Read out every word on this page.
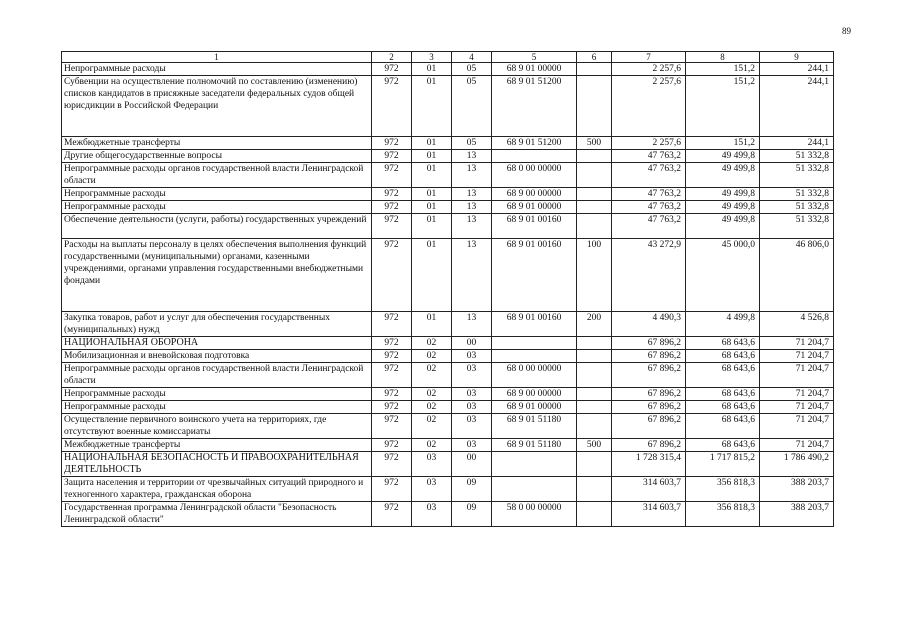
89
1	2	3	4	5	6	7	8	9
Непрограммные расходы	972	01	05	68 9 01 00000		2 257,6	151,2	244,1
Субвенции на осуществление полномочий по составлению (изменению) списков кандидатов в присяжные заседатели федеральных судов общей юрисдикции в Российской Федерации	972	01	05	68 9 01 51200		2 257,6	151,2	244,1
Межбюджетные трансферты	972	01	05	68 9 01 51200	500	2 257,6	151,2	244,1
Другие общегосударственные вопросы	972	01	13			47 763,2	49 499,8	51 332,8
Непрограммные расходы органов государственной власти Ленинградской области	972	01	13	68 0 00 00000		47 763,2	49 499,8	51 332,8
Непрограммные расходы	972	01	13	68 9 00 00000		47 763,2	49 499,8	51 332,8
Непрограммные расходы	972	01	13	68 9 01 00000		47 763,2	49 499,8	51 332,8
Обеспечение деятельности (услуги, работы) государственных учреждений	972	01	13	68 9 01 00160		47 763,2	49 499,8	51 332,8
Расходы на выплаты персоналу в целях обеспечения выполнения функций государственными (муниципальными) органами, казенными учреждениями, органами управления государственными внебюджетными фондами	972	01	13	68 9 01 00160	100	43 272,9	45 000,0	46 806,0
Закупка товаров, работ и услуг для обеспечения государственных (муниципальных) нужд	972	01	13	68 9 01 00160	200	4 490,3	4 499,8	4 526,8
НАЦИОНАЛЬНАЯ ОБОРОНА	972	02	00			67 896,2	68 643,6	71 204,7
Мобилизационная и вневойсковая подготовка	972	02	03			67 896,2	68 643,6	71 204,7
Непрограммные расходы органов государственной власти Ленинградской области	972	02	03	68 0 00 00000		67 896,2	68 643,6	71 204,7
Непрограммные расходы	972	02	03	68 9 00 00000		67 896,2	68 643,6	71 204,7
Непрограммные расходы	972	02	03	68 9 01 00000		67 896,2	68 643,6	71 204,7
Осуществление первичного воинского учета на территориях, где отсутствуют военные комиссариаты	972	02	03	68 9 01 51180		67 896,2	68 643,6	71 204,7
Межбюджетные трансферты	972	02	03	68 9 01 51180	500	67 896,2	68 643,6	71 204,7
НАЦИОНАЛЬНАЯ БЕЗОПАСНОСТЬ И ПРАВООХРАНИТЕЛЬНАЯ ДЕЯТЕЛЬНОСТЬ	972	03	00			1 728 315,4	1 717 815,2	1 786 490,2
Защита населения и территории от чрезвычайных ситуаций природного и техногенного характера, гражданская оборона	972	03	09			314 603,7	356 818,3	388 203,7
Государственная программа Ленинградской области "Безопасность Ленинградской области"	972	03	09	58 0 00 00000		314 603,7	356 818,3	388 203,7
